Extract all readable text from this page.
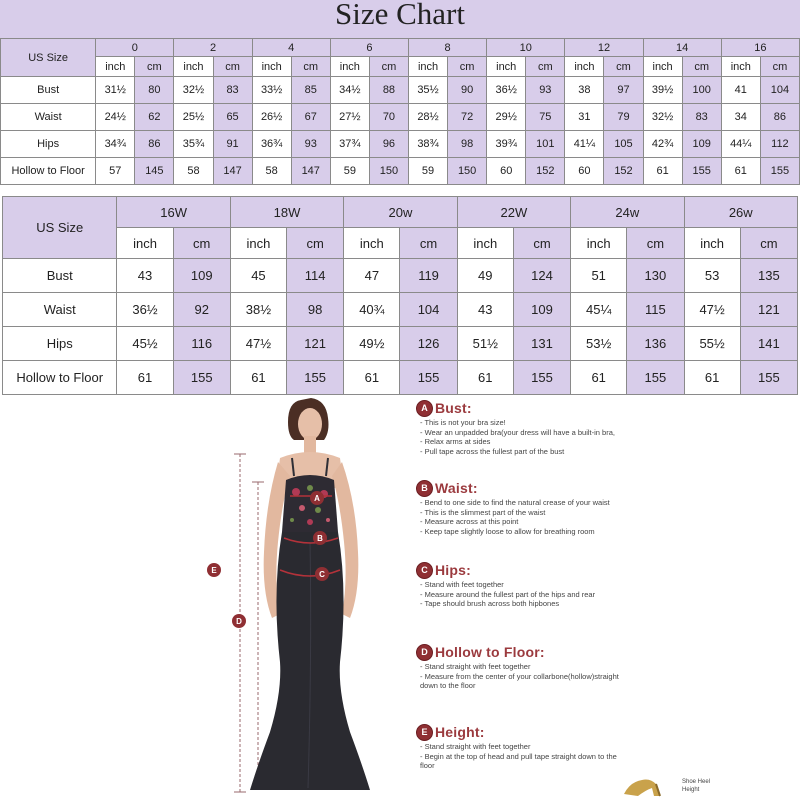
Size Chart
US Size	0		2		4		6		8		10		12		14		16	
	inch	cm	inch	cm	inch	cm	inch	cm	inch	cm	inch	cm	inch	cm	inch	cm	inch	cm
Bust	31½	80	32½	83	33½	85	34½	88	35½	90	36½	93	38	97	39½	100	41	104
Waist	24½	62	25½	65	26½	67	27½	70	28½	72	29½	75	31	79	32½	83	34	86
Hips	34¾	86	35¾	91	36¾	93	37¾	96	38¾	98	39¾	101	41¼	105	42¾	109	44¼	112
Hollow to Floor	57	145	58	147	58	147	59	150	59	150	60	152	60	152	61	155	61	155
US Size	16W		18W		20w		22W		24w		26w	
	inch	cm	inch	cm	inch	cm	inch	cm	inch	cm	inch	cm
Bust	43	109	45	114	47	119	49	124	51	130	53	135
Waist	36½	92	38½	98	40¾	104	43	109	45¼	115	47½	121
Hips	45½	116	47½	121	49½	126	51½	131	53½	136	55½	141
Hollow to Floor	61	155	61	155	61	155	61	155	61	155	61	155
A
B
C
D
E
A Bust:
- This is not your bra size!
- Wear an unpadded bra(your dress will have a built-in bra,
- Relax arms at sides
- Pull tape across the fullest part of the bust
B Waist:
- Bend to one side to find the natural crease of your waist
- This is the slimmest part of the waist
- Measure across at this point
- Keep tape slightly loose to allow for breathing room
C Hips:
- Stand with feet together
- Measure around the fullest part of the hips and rear
- Tape should brush across both hipbones
D Hollow to Floor:
- Stand straight with feet together
- Measure from the center of your collarbone(hollow)straight
down to the floor
E Height:
- Stand straight with feet together
- Begin at the top of head and pull tape straight down to the
floor
Shoe Heel
Height
